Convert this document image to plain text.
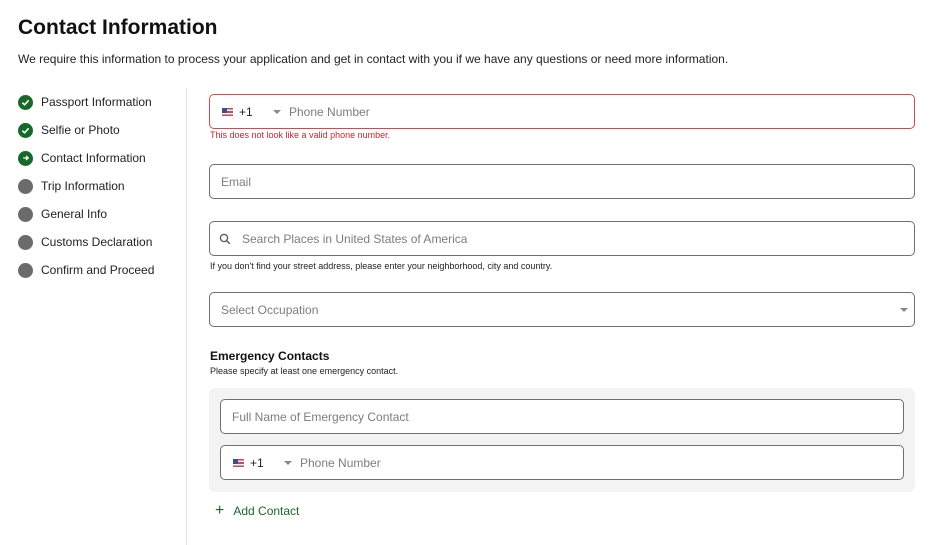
Contact Information

We require this information to process your application and get in contact with you if we have any questions or need more information.

Passport Information
Selfie or Photo
Contact Information
Trip Information
General Info
Customs Declaration
Confirm and Proceed
+1
Phone Number
This does not look like a valid phone number.
Email
Search Places in United States of America
If you don't find your street address, please enter your neighborhood, city and country.
Select Occupation
Emergency Contacts
Please specify at least one emergency contact.
Full Name of Emergency Contact
+1
Phone Number
+ Add Contact
